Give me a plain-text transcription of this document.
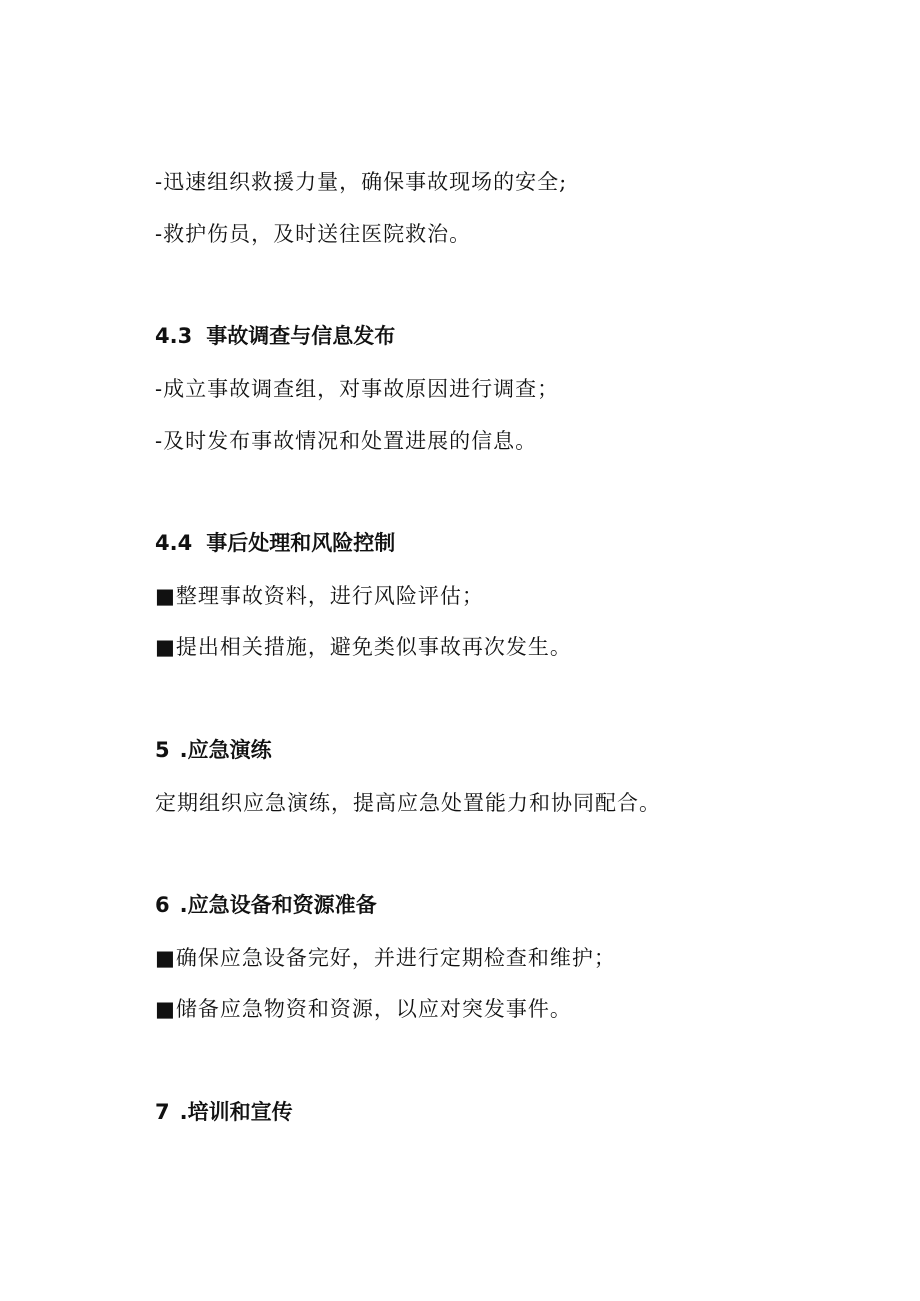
-迅速组织救援力量，确保事故现场的安全;

-救护伤员，及时送往医院救治。

4.3 事故调查与信息发布

-成立事故调查组，对事故原因进行调查；

-及时发布事故情况和处置进展的信息。

4.4 事后处理和风险控制

■整理事故资料，进行风险评估；

■提出相关措施，避免类似事故再次发生。

5 .应急演练

定期组织应急演练，提高应急处置能力和协同配合。

6 .应急设备和资源准备

■确保应急设备完好，并进行定期检查和维护；

■储备应急物资和资源，以应对突发事件。

7 .培训和宣传
